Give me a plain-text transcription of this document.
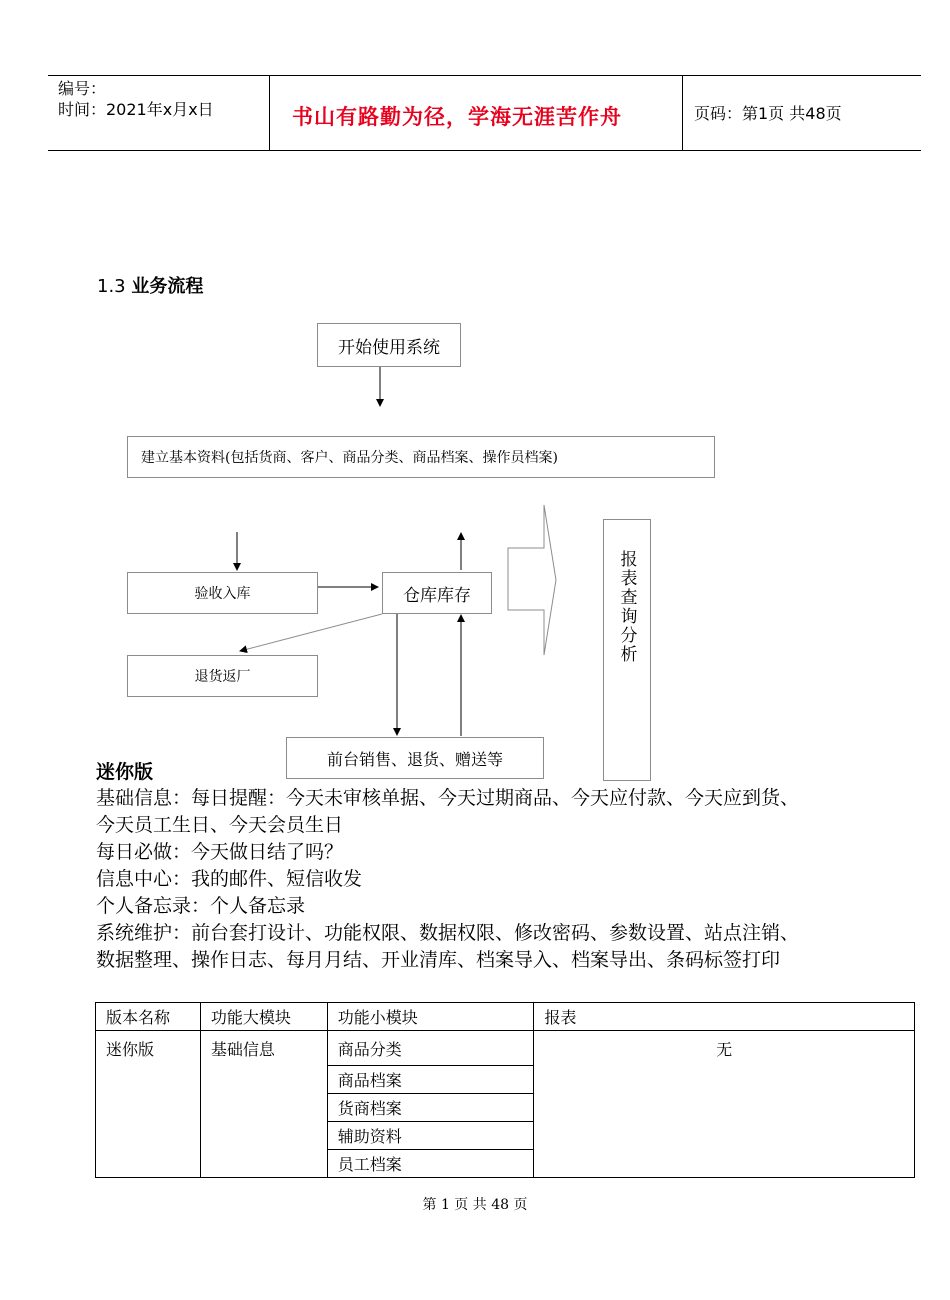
编号：
时间：2021年x月x日	书山有路勤为径，学海无涯苦作舟	页码：第1页 共48页
1.3 业务流程
开始使用系统
建立基本资料(包括货商、客户、商品分类、商品档案、操作员档案)
验收入库	仓库库存
退货返厂
前台销售、退货、赠送等
报表查询分析
迷你版
基础信息：每日提醒：今天未审核单据、今天过期商品、今天应付款、今天应到货、
今天员工生日、今天会员生日
每日必做：今天做日结了吗？
信息中心：我的邮件、短信收发
个人备忘录：个人备忘录
系统维护：前台套打设计、功能权限、数据权限、修改密码、参数设置、站点注销、
数据整理、操作日志、每月月结、开业清库、档案导入、档案导出、条码标签打印
版本名称	功能大模块	功能小模块	报表
迷你版	基础信息	商品分类	无
		商品档案	
		货商档案	
		辅助资料	
		员工档案	
第 1 页 共 48 页
